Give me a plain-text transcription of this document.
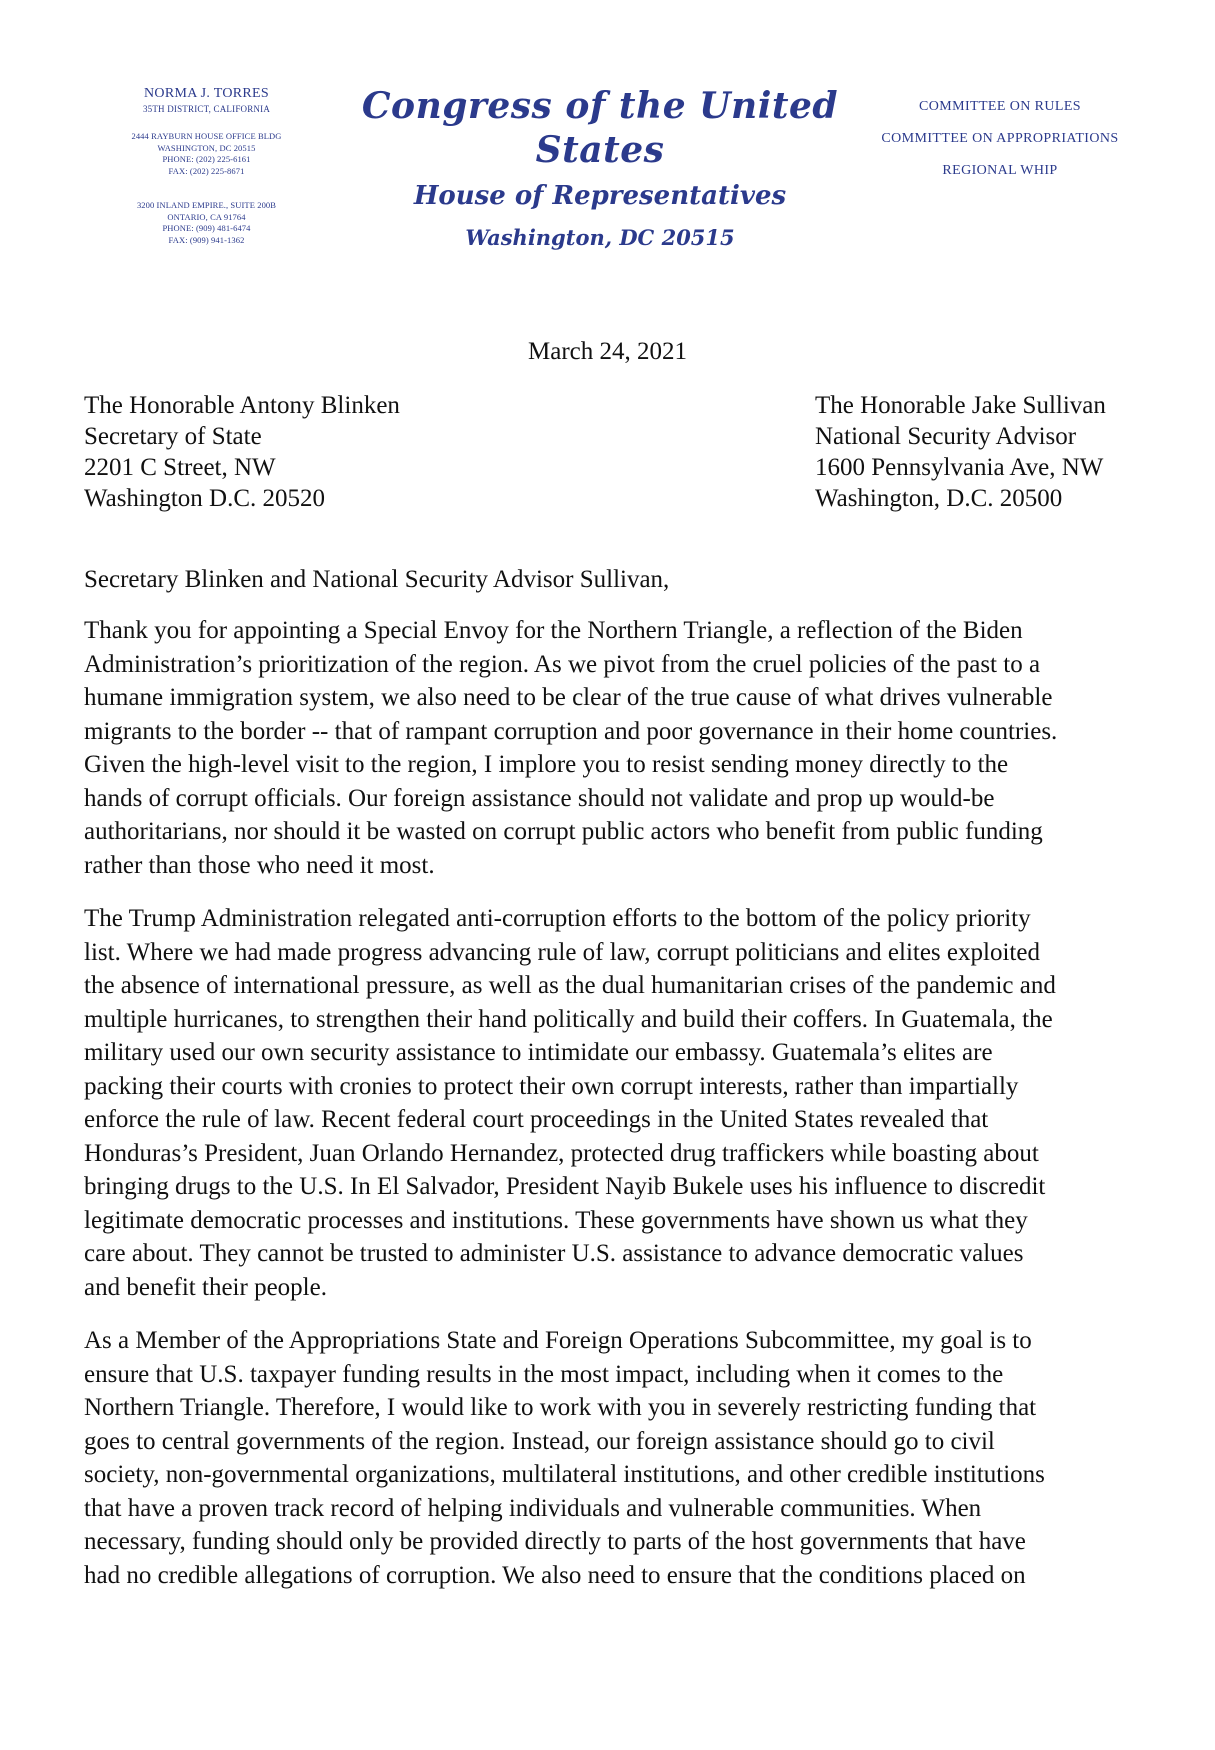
NORMA J. TORRES
35TH DISTRICT, CALIFORNIA
2444 RAYBURN HOUSE OFFICE BLDG
WASHINGTON, DC 20515
PHONE: (202) 225-6161
FAX: (202) 225-8671
3200 INLAND EMPIRE., SUITE 200B
ONTARIO, CA 91764
PHONE: (909) 481-6474
FAX: (909) 941-1362
Congress of the United States
House of Representatives
Washington, DC 20515
COMMITTEE ON RULES
COMMITTEE ON APPROPRIATIONS
REGIONAL WHIP
March 24, 2021
The Honorable Antony Blinken
Secretary of State
2201 C Street, NW
Washington D.C. 20520
The Honorable Jake Sullivan
National Security Advisor
1600 Pennsylvania Ave, NW
Washington, D.C. 20500
Secretary Blinken and National Security Advisor Sullivan,
Thank you for appointing a Special Envoy for the Northern Triangle, a reflection of the Biden
Administration’s prioritization of the region. As we pivot from the cruel policies of the past to a
humane immigration system, we also need to be clear of the true cause of what drives vulnerable
migrants to the border -- that of rampant corruption and poor governance in their home countries.
Given the high-level visit to the region, I implore you to resist sending money directly to the
hands of corrupt officials. Our foreign assistance should not validate and prop up would-be
authoritarians, nor should it be wasted on corrupt public actors who benefit from public funding
rather than those who need it most.
The Trump Administration relegated anti-corruption efforts to the bottom of the policy priority
list. Where we had made progress advancing rule of law, corrupt politicians and elites exploited
the absence of international pressure, as well as the dual humanitarian crises of the pandemic and
multiple hurricanes, to strengthen their hand politically and build their coffers. In Guatemala, the
military used our own security assistance to intimidate our embassy. Guatemala’s elites are
packing their courts with cronies to protect their own corrupt interests, rather than impartially
enforce the rule of law. Recent federal court proceedings in the United States revealed that
Honduras’s President, Juan Orlando Hernandez, protected drug traffickers while boasting about
bringing drugs to the U.S. In El Salvador, President Nayib Bukele uses his influence to discredit
legitimate democratic processes and institutions. These governments have shown us what they
care about. They cannot be trusted to administer U.S. assistance to advance democratic values
and benefit their people.
As a Member of the Appropriations State and Foreign Operations Subcommittee, my goal is to
ensure that U.S. taxpayer funding results in the most impact, including when it comes to the
Northern Triangle. Therefore, I would like to work with you in severely restricting funding that
goes to central governments of the region. Instead, our foreign assistance should go to civil
society, non-governmental organizations, multilateral institutions, and other credible institutions
that have a proven track record of helping individuals and vulnerable communities. When
necessary, funding should only be provided directly to parts of the host governments that have
had no credible allegations of corruption. We also need to ensure that the conditions placed on
